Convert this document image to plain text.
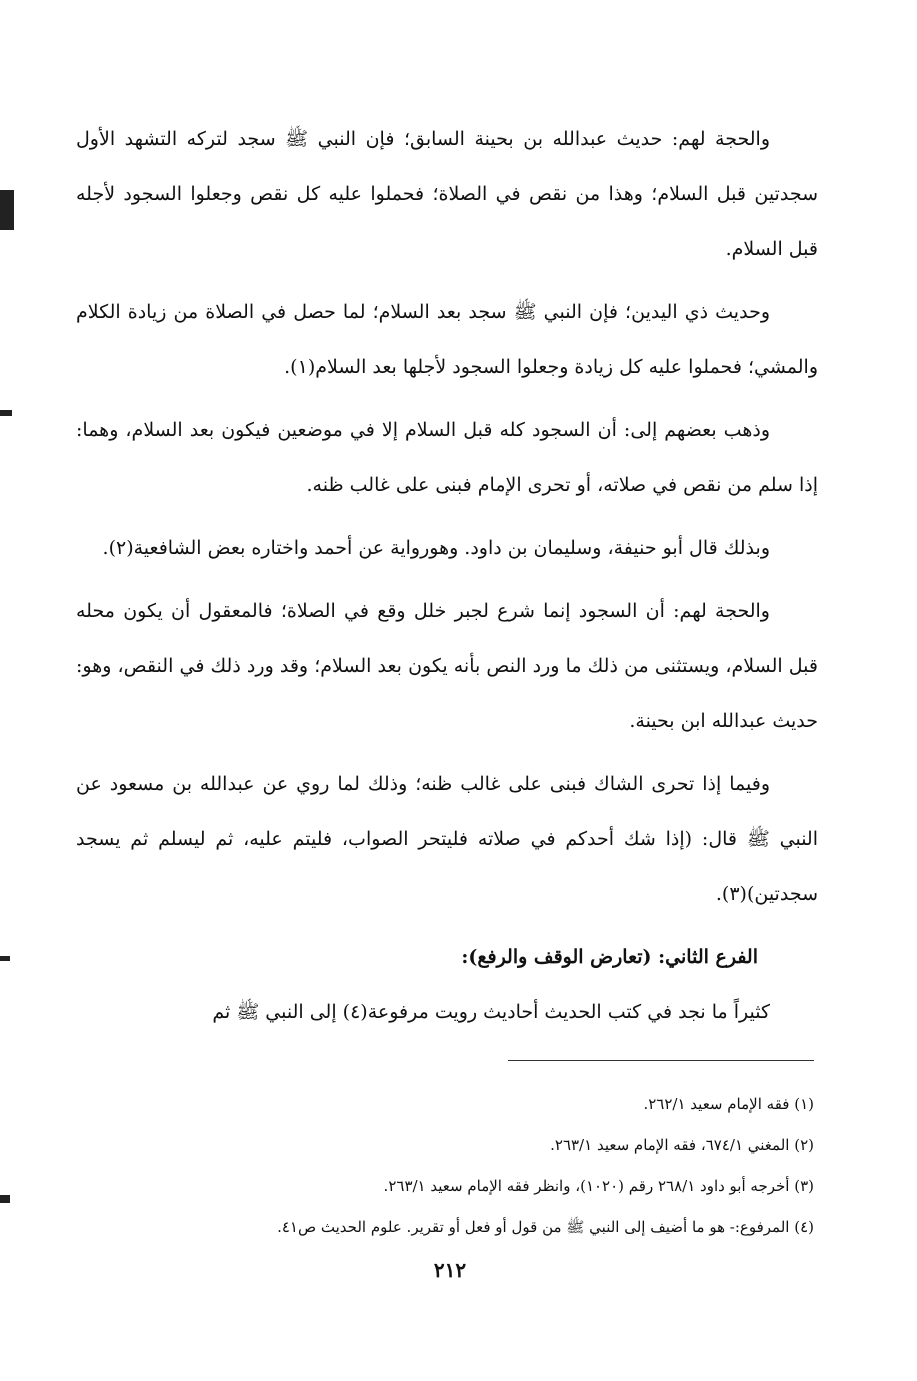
والحجة لهم: حديث عبدالله بن بحينة السابق؛ فإن النبي ﷺ سجد لتركه التشهد الأول سجدتين قبل السلام؛ وهذا من نقص في الصلاة؛ فحملوا عليه كل نقص وجعلوا السجود لأجله قبل السلام.

وحديث ذي اليدين؛ فإن النبي ﷺ سجد بعد السلام؛ لما حصل في الصلاة من زيادة الكلام والمشي؛ فحملوا عليه كل زيادة وجعلوا السجود لأجلها بعد السلام(١).

وذهب بعضهم إلى: أن السجود كله قبل السلام إلا في موضعين فيكون بعد السلام، وهما: إذا سلم من نقص في صلاته، أو تحرى الإمام فبنى على غالب ظنه.

وبذلك قال أبو حنيفة، وسليمان بن داود. وهورواية عن أحمد واختاره بعض الشافعية(٢).

والحجة لهم: أن السجود إنما شرع لجبر خلل وقع في الصلاة؛ فالمعقول أن يكون محله قبل السلام، ويستثنى من ذلك ما ورد النص بأنه يكون بعد السلام؛ وقد ورد ذلك في النقص، وهو: حديث عبدالله ابن بحينة.

وفيما إذا تحرى الشاك فبنى على غالب ظنه؛ وذلك لما روي عن عبدالله بن مسعود عن النبي ﷺ قال: (إذا شك أحدكم في صلاته فليتحر الصواب، فليتم عليه، ثم ليسلم ثم يسجد سجدتين)(٣).

الفرع الثاني: (تعارض الوقف والرفع):

كثيراً ما نجد في كتب الحديث أحاديث رويت مرفوعة(٤) إلى النبي ﷺ ثم

(١) فقه الإمام سعيد ٢٦٢/١.

(٢) المغني ٦٧٤/١، فقه الإمام سعيد ٢٦٣/١.

(٣) أخرجه أبو داود ٢٦٨/١ رقم (١٠٢٠)، وانظر فقه الإمام سعيد ٢٦٣/١.

(٤) المرفوع:- هو ما أضيف إلى النبي ﷺ من قول أو فعل أو تقرير. علوم الحديث ص٤١.

٢١٢
